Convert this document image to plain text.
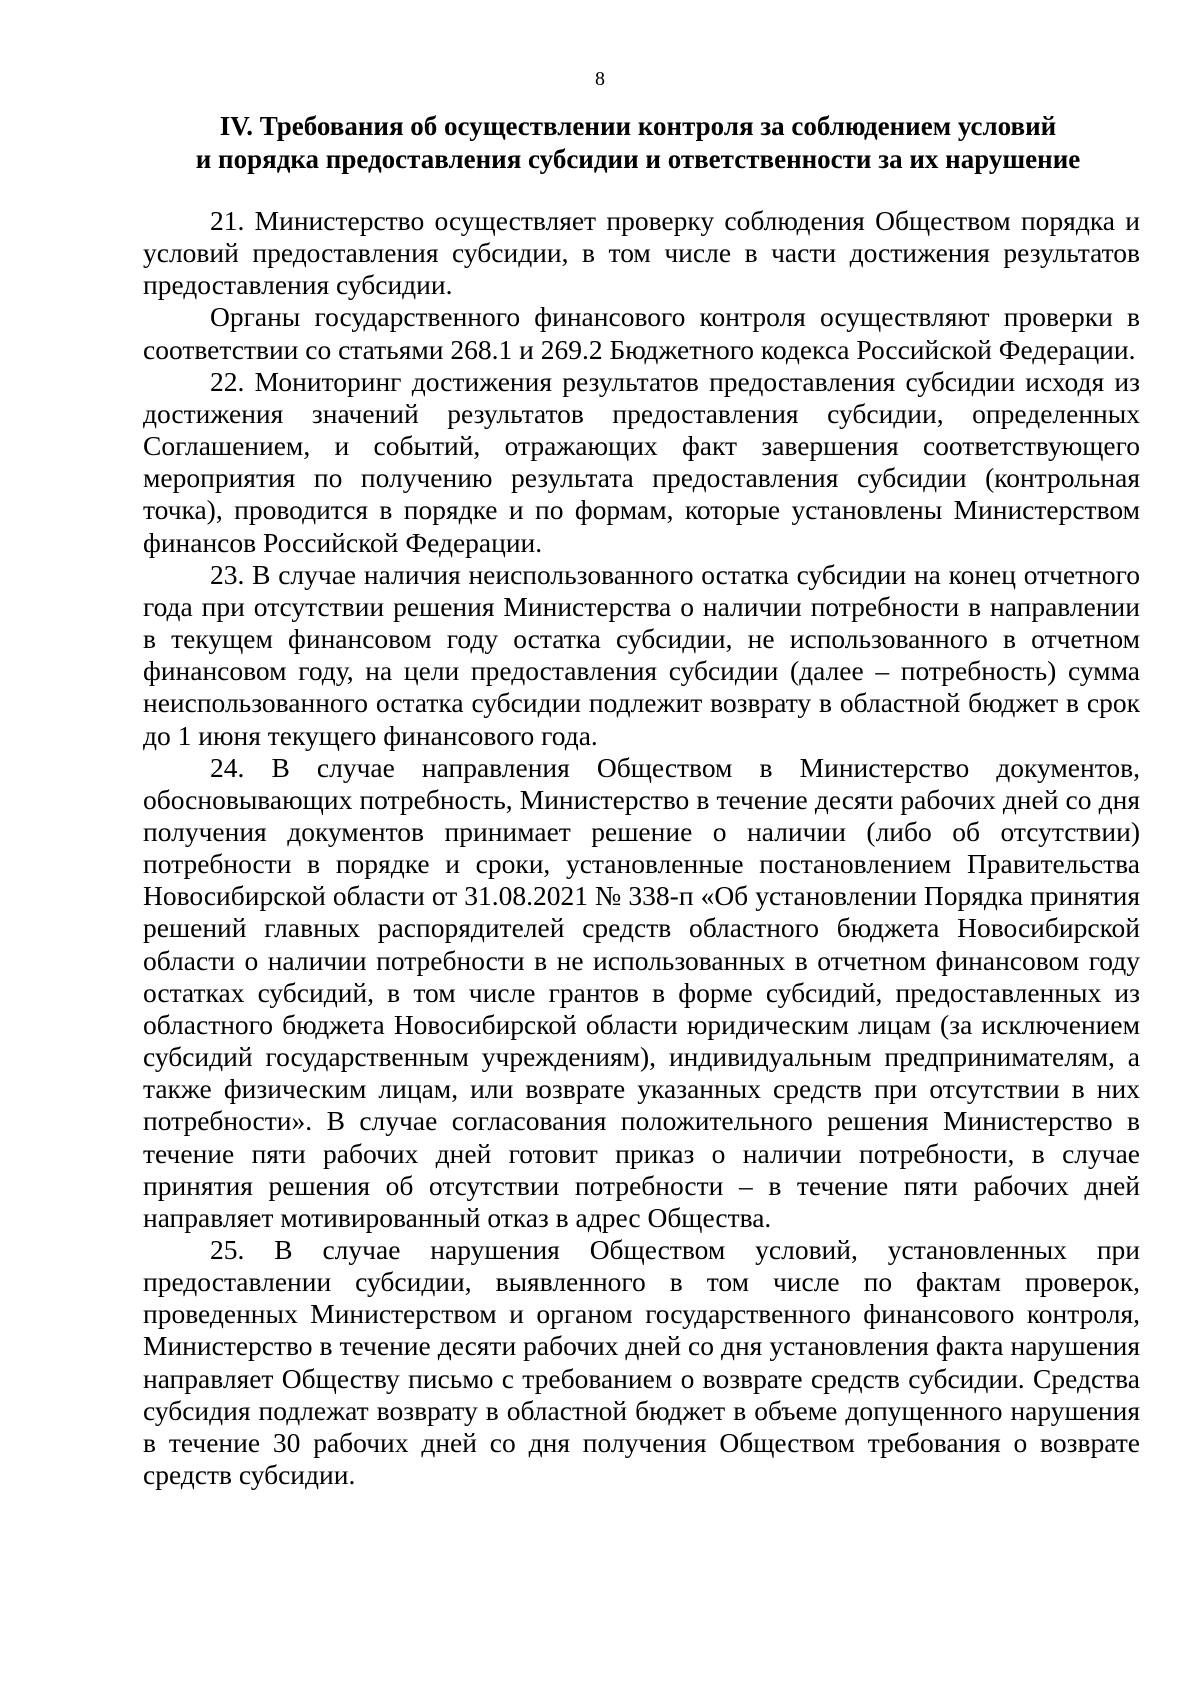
8
IV. Требования об осуществлении контроля за соблюдением условий
и порядка предоставления субсидии и ответственности за их нарушение

21. Министерство осуществляет проверку соблюдения Обществом порядка и условий предоставления субсидии, в том числе в части достижения результатов предоставления субсидии.

Органы государственного финансового контроля осуществляют проверки в соответствии со статьями 268.1 и 269.2 Бюджетного кодекса Российской Федерации.

22. Мониторинг достижения результатов предоставления субсидии исходя из достижения значений результатов предоставления субсидии, определенных Соглашением, и событий, отражающих факт завершения соответствующего мероприятия по получению результата предоставления субсидии (контрольная точка), проводится в порядке и по формам, которые установлены Министерством финансов Российской Федерации.

23. В случае наличия неиспользованного остатка субсидии на конец отчетного года при отсутствии решения Министерства о наличии потребности в направлении в текущем финансовом году остатка субсидии, не использованного в отчетном финансовом году, на цели предоставления субсидии (далее – потребность) сумма неиспользованного остатка субсидии подлежит возврату в областной бюджет в срок до 1 июня текущего финансового года.

24. В случае направления Обществом в Министерство документов, обосновывающих потребность, Министерство в течение десяти рабочих дней со дня получения документов принимает решение о наличии (либо об отсутствии) потребности в порядке и сроки, установленные постановлением Правительства Новосибирской области от 31.08.2021 № 338-п «Об установлении Порядка принятия решений главных распорядителей средств областного бюджета Новосибирской области о наличии потребности в не использованных в отчетном финансовом году остатках субсидий, в том числе грантов в форме субсидий, предоставленных из областного бюджета Новосибирской области юридическим лицам (за исключением субсидий государственным учреждениям), индивидуальным предпринимателям, а также физическим лицам, или возврате указанных средств при отсутствии в них потребности». В случае согласования положительного решения Министерство в течение пяти рабочих дней готовит приказ о наличии потребности, в случае принятия решения об отсутствии потребности – в течение пяти рабочих дней направляет мотивированный отказ в адрес Общества.

25. В случае нарушения Обществом условий, установленных при предоставлении субсидии, выявленного в том числе по фактам проверок, проведенных Министерством и органом государственного финансового контроля, Министерство в течение десяти рабочих дней со дня установления факта нарушения направляет Обществу письмо с требованием о возврате средств субсидии. Средства субсидия подлежат возврату в областной бюджет в объеме допущенного нарушения в течение 30 рабочих дней со дня получения Обществом требования о возврате средств субсидии.
